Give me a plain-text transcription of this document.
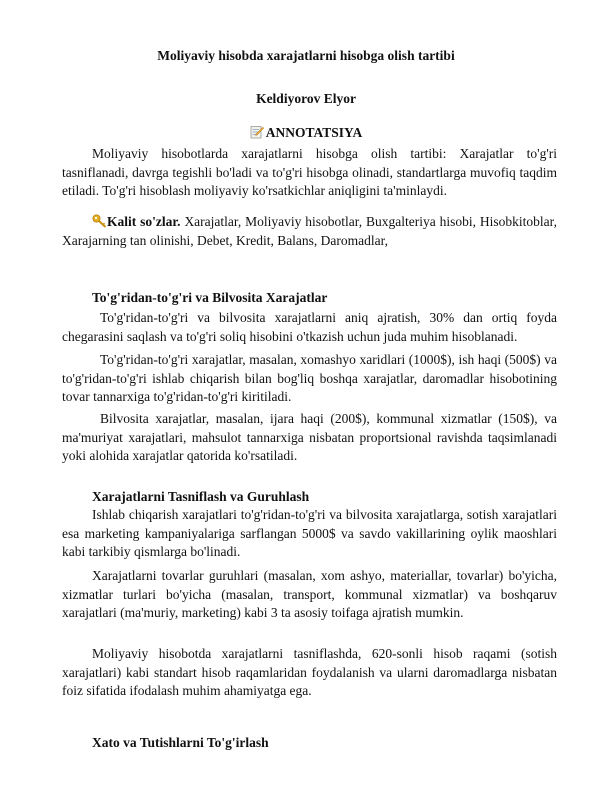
Moliyaviy hisobda xarajatlarni hisobga olish tartibi
Keldiyorov Elyor
ANNOTATSIYA

Moliyaviy hisobotlarda xarajatlarni hisobga olish tartibi: Xarajatlar to'g'ri tasniflanadi, davrga tegishli bo'ladi va to'g'ri hisobga olinadi, standartlarga muvofiq taqdim etiladi. To'g'ri hisoblash moliyaviy ko'rsatkichlar aniqligini ta'minlaydi.

Kalit so'zlar. Xarajatlar, Moliyaviy hisobotlar, Buxgalteriya hisobi, Hisobkitoblar, Xarajarning tan olinishi, Debet, Kredit, Balans, Daromadlar,

To'g'ridan-to'g'ri va Bilvosita Xarajatlar

To'g'ridan-to'g'ri va bilvosita xarajatlarni aniq ajratish, 30% dan ortiq foyda chegarasini saqlash va to'g'ri soliq hisobini o'tkazish uchun juda muhim hisoblanadi.

To'g'ridan-to'g'ri xarajatlar, masalan, xomashyo xaridlari (1000$), ish haqi (500$) va to'g'ridan-to'g'ri ishlab chiqarish bilan bog'liq boshqa xarajatlar, daromadlar hisobotining tovar tannarxiga to'g'ridan-to'g'ri kiritiladi.

Bilvosita xarajatlar, masalan, ijara haqi (200$), kommunal xizmatlar (150$), va ma'muriyat xarajatlari, mahsulot tannarxiga nisbatan proportsional ravishda taqsimlanadi yoki alohida xarajatlar qatorida ko'rsatiladi.

Xarajatlarni Tasniflash va Guruhlash

Ishlab chiqarish xarajatlari to'g'ridan-to'g'ri va bilvosita xarajatlarga, sotish xarajatlari esa marketing kampaniyalariga sarflangan 5000$ va savdo vakillarining oylik maoshlari kabi tarkibiy qismlarga bo'linadi.

Xarajatlarni tovarlar guruhlari (masalan, xom ashyo, materiallar, tovarlar) bo'yicha, xizmatlar turlari bo'yicha (masalan, transport, kommunal xizmatlar) va boshqaruv xarajatlari (ma'muriy, marketing) kabi 3 ta asosiy toifaga ajratish mumkin.

Moliyaviy hisobotda xarajatlarni tasniflashda, 620-sonli hisob raqami (sotish xarajatlari) kabi standart hisob raqamlaridan foydalanish va ularni daromadlarga nisbatan foiz sifatida ifodalash muhim ahamiyatga ega.

Xato va Tutishlarni To'g'irlash
